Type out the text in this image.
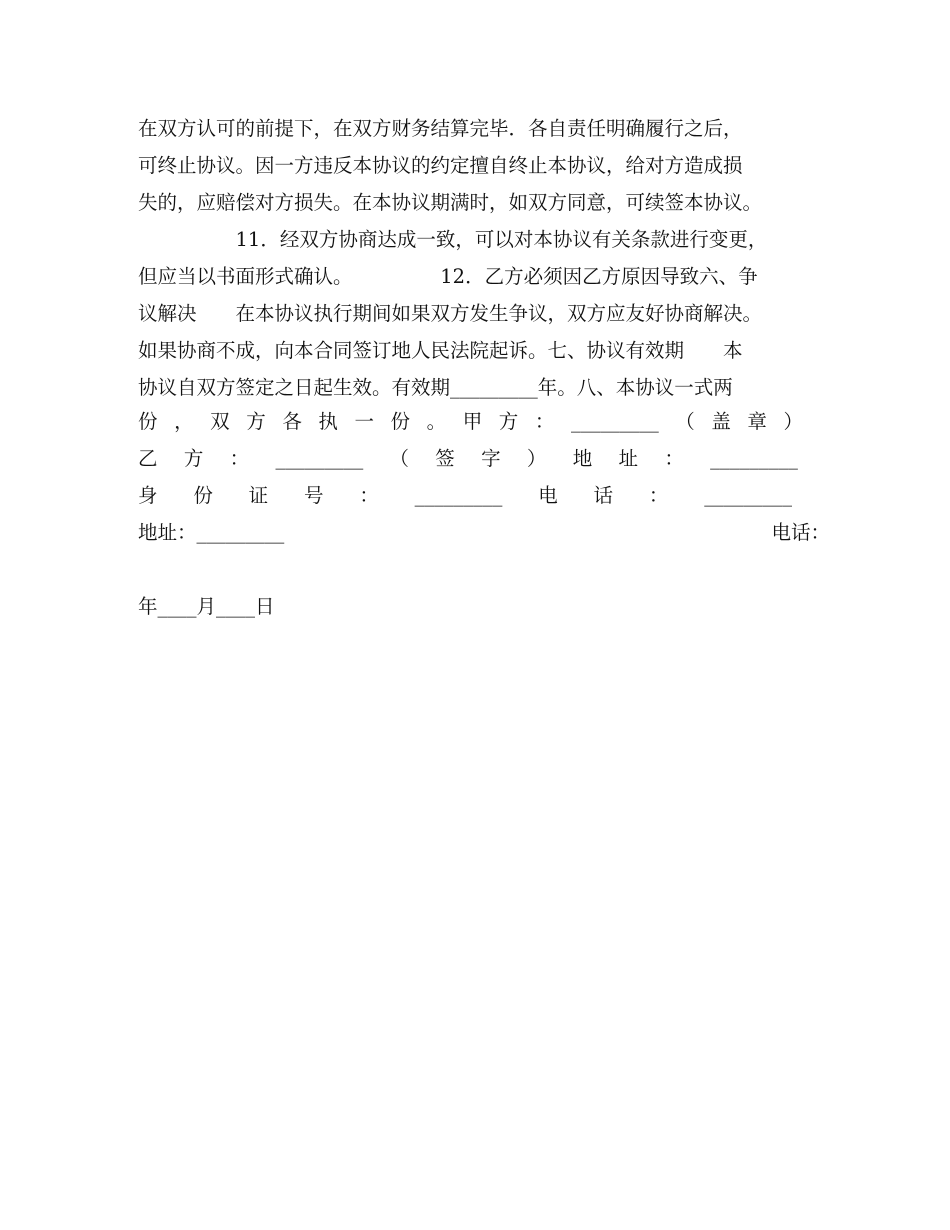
在双方认可的前提下，在双方财务结算完毕．各自责任明确履行之后，
可终止协议。因一方违反本协议的约定擅自终止本协议，给对方造成损
失的，应赔偿对方损失。在本协议期满时，如双方同意，可续签本协议。
　　　　　11．经双方协商达成一致，可以对本协议有关条款进行变更，
但应当以书面形式确认。　　　　　12．乙方必须因乙方原因导致六、争
议解决　　在本协议执行期间如果双方发生争议，双方应友好协商解决。
如果协商不成，向本合同签订地人民法院起诉。七、协议有效期　　本
协议自双方签定之日起生效。有效期_________年。八、本协议一式两
份 ， 双 方 各 执 一 份 。 甲 方 ： _________ （ 盖 章 ）
乙 方 ： _________ （ 签 字 ） 地 址 ： _________
身 份 证 号 ： _________ 电 话 ： _________
地址：_________	电话：

年____月____日
